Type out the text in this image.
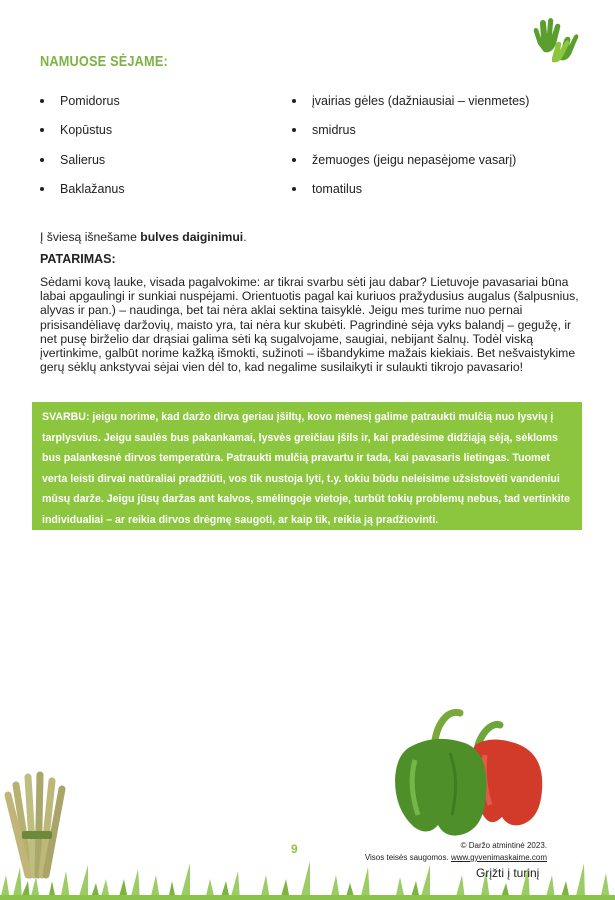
NAMUOSE SĖJAME:
Pomidorus
Kopūstus
Salierus
Baklažanus
įvairias gėles (dažniausiai – vienmetes)
smidrus
žemuoges (jeigu nepasėjome vasarį)
tomatilus
Į šviesą išnešame bulves daiginimui.
PATARIMAS:
Sėdami kovą lauke, visada pagalvokime: ar tikrai svarbu sėti jau dabar? Lietuvoje pavasariai būna labai apgaulingi ir sunkiai nuspėjami. Orientuotis pagal kai kuriuos pražydusius augalus (šalpusnius, alyvas ir pan.) – naudinga, bet tai nėra aklai sektina taisyklė. Jeigu mes turime nuo pernai prisisandėliavę daržovių, maisto yra, tai nėra kur skubėti. Pagrindinė sėja vyks balandį – gegužę, ir net pusę birželio dar drąsiai galima sėti ką sugalvojame, saugiai, nebijant šalnų. Todėl viską įvertinkime, galbūt norime kažką išmokti, sužinoti – išbandykime mažais kiekiais. Bet nešvaistykime gerų sėklų ankstyvai sėjai vien dėl to, kad negalime susilaikyti ir sulaukti tikrojo pavasario!
SVARBU: jeigu norime, kad daržo dirva geriau įšiltų, kovo mėnesį galime patraukti mulčią nuo lysvių į tarplysvius. Jeigu saulės bus pakankamai, lysvės greičiau įšils ir, kai pradėsime didžiąją sėją, sėkloms bus palankesnė dirvos temperatūra. Patraukti mulčią pravartu ir tada, kai pavasaris lietingas. Tuomet verta leisti dirvai natūraliai pradžiūti, vos tik nustoja lyti, t.y. tokiu būdu neleisime užsistovėti vandeniui mūsų darže. Jeigu jūsų daržas ant kalvos, smėlingoje vietoje, turbūt tokių problemų nebus, tad vertinkite individualiai – ar reikia dirvos drėgmę saugoti, ar kaip tik, reikia ją pradžiovinti.
9	© Daržo atmintinė 2023.
Visos teisės saugomos. www.gyvenimaskaime.com
Grįžti į turinį
